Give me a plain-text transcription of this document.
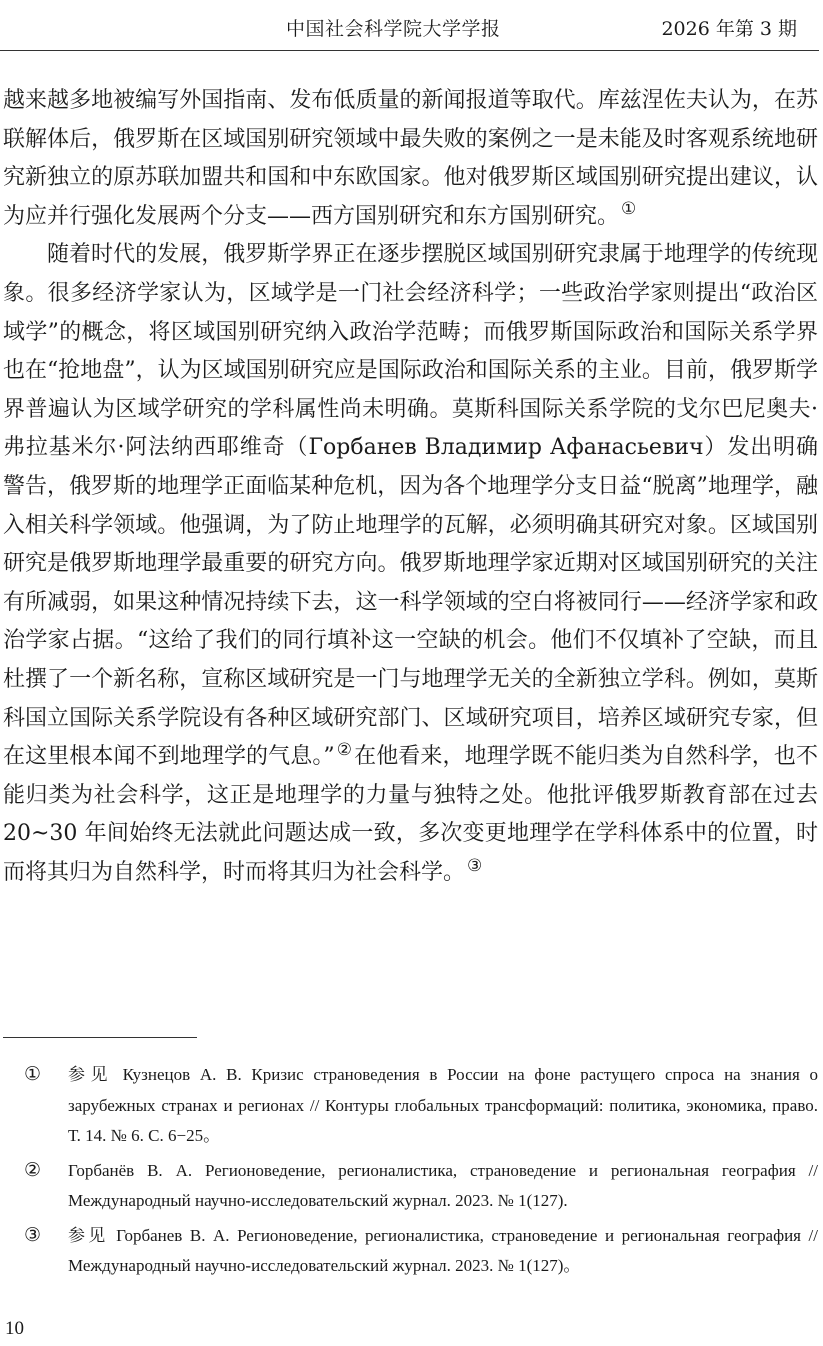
中国社会科学院大学学报	2026 年第 3 期

越来越多地被编写外国指南、发布低质量的新闻报道等取代。库兹涅佐夫认为，在苏联解体后，俄罗斯在区域国别研究领域中最失败的案例之一是未能及时客观系统地研究新独立的原苏联加盟共和国和中东欧国家。他对俄罗斯区域国别研究提出建议，认为应并行强化发展两个分支——西方国别研究和东方国别研究。 ①

随着时代的发展，俄罗斯学界正在逐步摆脱区域国别研究隶属于地理学的传统现象。很多经济学家认为，区域学是一门社会经济科学；一些政治学家则提出“政治区域学”的概念，将区域国别研究纳入政治学范畴；而俄罗斯国际政治和国际关系学界也在“抢地盘”，认为区域国别研究应是国际政治和国际关系的主业。目前，俄罗斯学界普遍认为区域学研究的学科属性尚未明确。莫斯科国际关系学院的戈尔巴尼奥夫·弗拉基米尔·阿法纳西耶维奇（Горбанев Владимир Афанасьевич）发出明确警告，俄罗斯的地理学正面临某种危机，因为各个地理学分支日益“脱离”地理学，融入相关科学领域。他强调，为了防止地理学的瓦解，必须明确其研究对象。区域国别研究是俄罗斯地理学最重要的研究方向。俄罗斯地理学家近期对区域国别研究的关注有所减弱，如果这种情况持续下去，这一科学领域的空白将被同行——经济学家和政治学家占据。“这给了我们的同行填补这一空缺的机会。他们不仅填补了空缺，而且杜撰了一个新名称，宣称区域研究是一门与地理学无关的全新独立学科。例如，莫斯科国立国际关系学院设有各种区域研究部门、区域研究项目，培养区域研究专家，但在这里根本闻不到地理学的气息。” ②在他看来，地理学既不能归类为自然科学，也不能归类为社会科学，这正是地理学的力量与独特之处。他批评俄罗斯教育部在过去 20~30 年间始终无法就此问题达成一致，多次变更地理学在学科体系中的位置，时而将其归为自然科学，时而将其归为社会科学。 ③

① 参见 Кузнецов А. В. Кризис страноведения в России на фоне растущего спроса на знания о зарубежных странах и регионах // Контуры глобальных трансформаций: политика, экономика, право. Т. 14. № 6. С. 6−25。
② Горбанёв В. А. Регионоведение, регионалистика, страноведение и региональная география // Международный научно-исследовательский журнал. 2023. № 1(127).
③ 参见 Горбанев В. А. Регионоведение, регионалистика, страноведение и региональная география // Международный научно-исследовательский журнал. 2023. № 1(127)。
10
